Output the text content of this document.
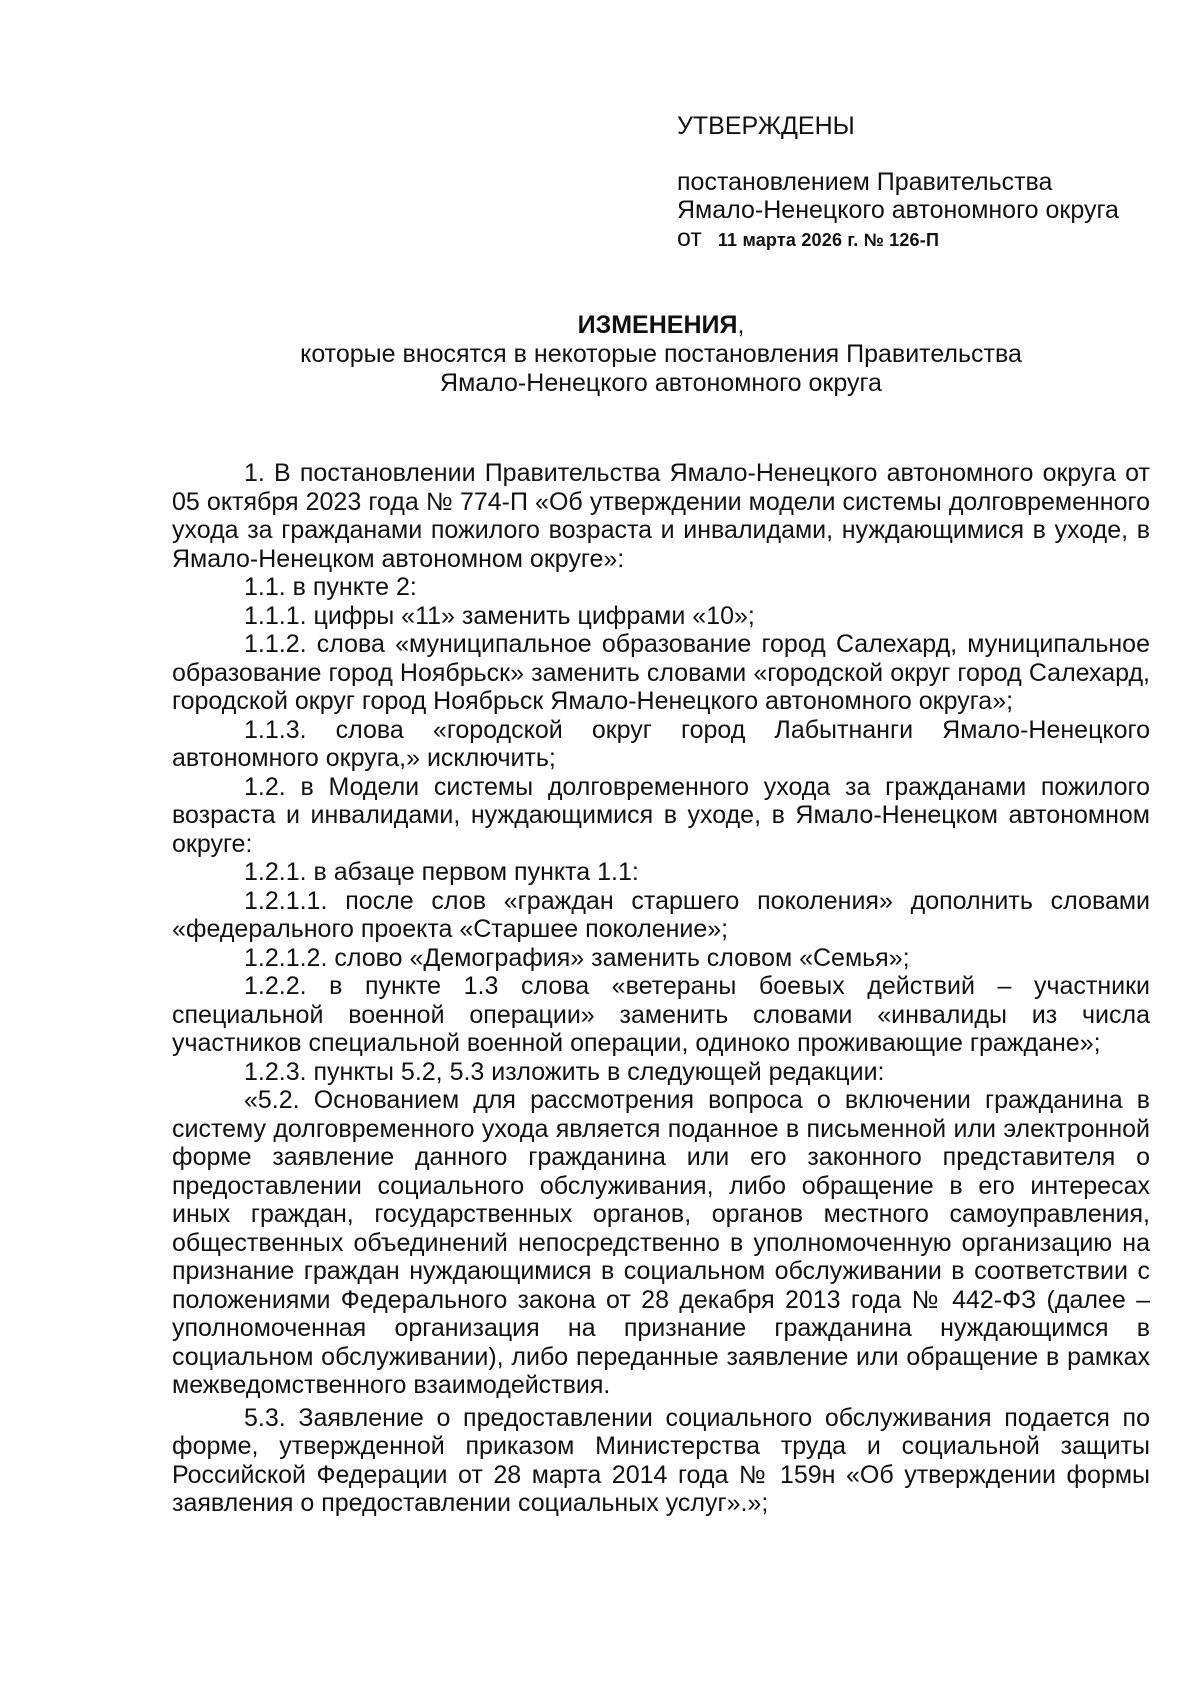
УТВЕРЖДЕНЫ
постановлением Правительства
Ямало-Ненецкого автономного округа
от 11 марта 2026 г. № 126-П
ИЗМЕНЕНИЯ,
которые вносятся в некоторые постановления Правительства
Ямало-Ненецкого автономного округа

1. В постановлении Правительства Ямало-Ненецкого автономного округа от 05 октября 2023 года № 774-П «Об утверждении модели системы долговременного ухода за гражданами пожилого возраста и инвалидами, нуждающимися в уходе, в Ямало-Ненецком автономном округе»:

1.1. в пункте 2:

1.1.1. цифры «11» заменить цифрами «10»;

1.1.2. слова «муниципальное образование город Салехард, муниципальное образование город Ноябрьск» заменить словами «городской округ город Салехард, городской округ город Ноябрьск Ямало-Ненецкого автономного округа»;

1.1.3. слова «городской округ город Лабытнанги Ямало-Ненецкого автономного округа,» исключить;

1.2. в Модели системы долговременного ухода за гражданами пожилого возраста и инвалидами, нуждающимися в уходе, в Ямало-Ненецком автономном округе:

1.2.1. в абзаце первом пункта 1.1:

1.2.1.1. после слов «граждан старшего поколения» дополнить словами «федерального проекта «Старшее поколение»;

1.2.1.2. слово «Демография» заменить словом «Семья»;

1.2.2. в пункте 1.3 слова «ветераны боевых действий – участники специальной военной операции» заменить словами «инвалиды из числа участников специальной военной операции, одиноко проживающие граждане»;

1.2.3. пункты 5.2, 5.3 изложить в следующей редакции:

«5.2. Основанием для рассмотрения вопроса о включении гражданина в систему долговременного ухода является поданное в письменной или электронной форме заявление данного гражданина или его законного представителя о предоставлении социального обслуживания, либо обращение в его интересах иных граждан, государственных органов, органов местного самоуправления, общественных объединений непосредственно в уполномоченную организацию на признание граждан нуждающимися в социальном обслуживании в соответствии с положениями Федерального закона от 28 декабря 2013 года № 442-ФЗ (далее – уполномоченная организация на признание гражданина нуждающимся в социальном обслуживании), либо переданные заявление или обращение в рамках межведомственного взаимодействия.

5.3. Заявление о предоставлении социального обслуживания подается по форме, утвержденной приказом Министерства труда и социальной защиты Российской Федерации от 28 марта 2014 года № 159н «Об утверждении формы заявления о предоставлении социальных услуг».»;
